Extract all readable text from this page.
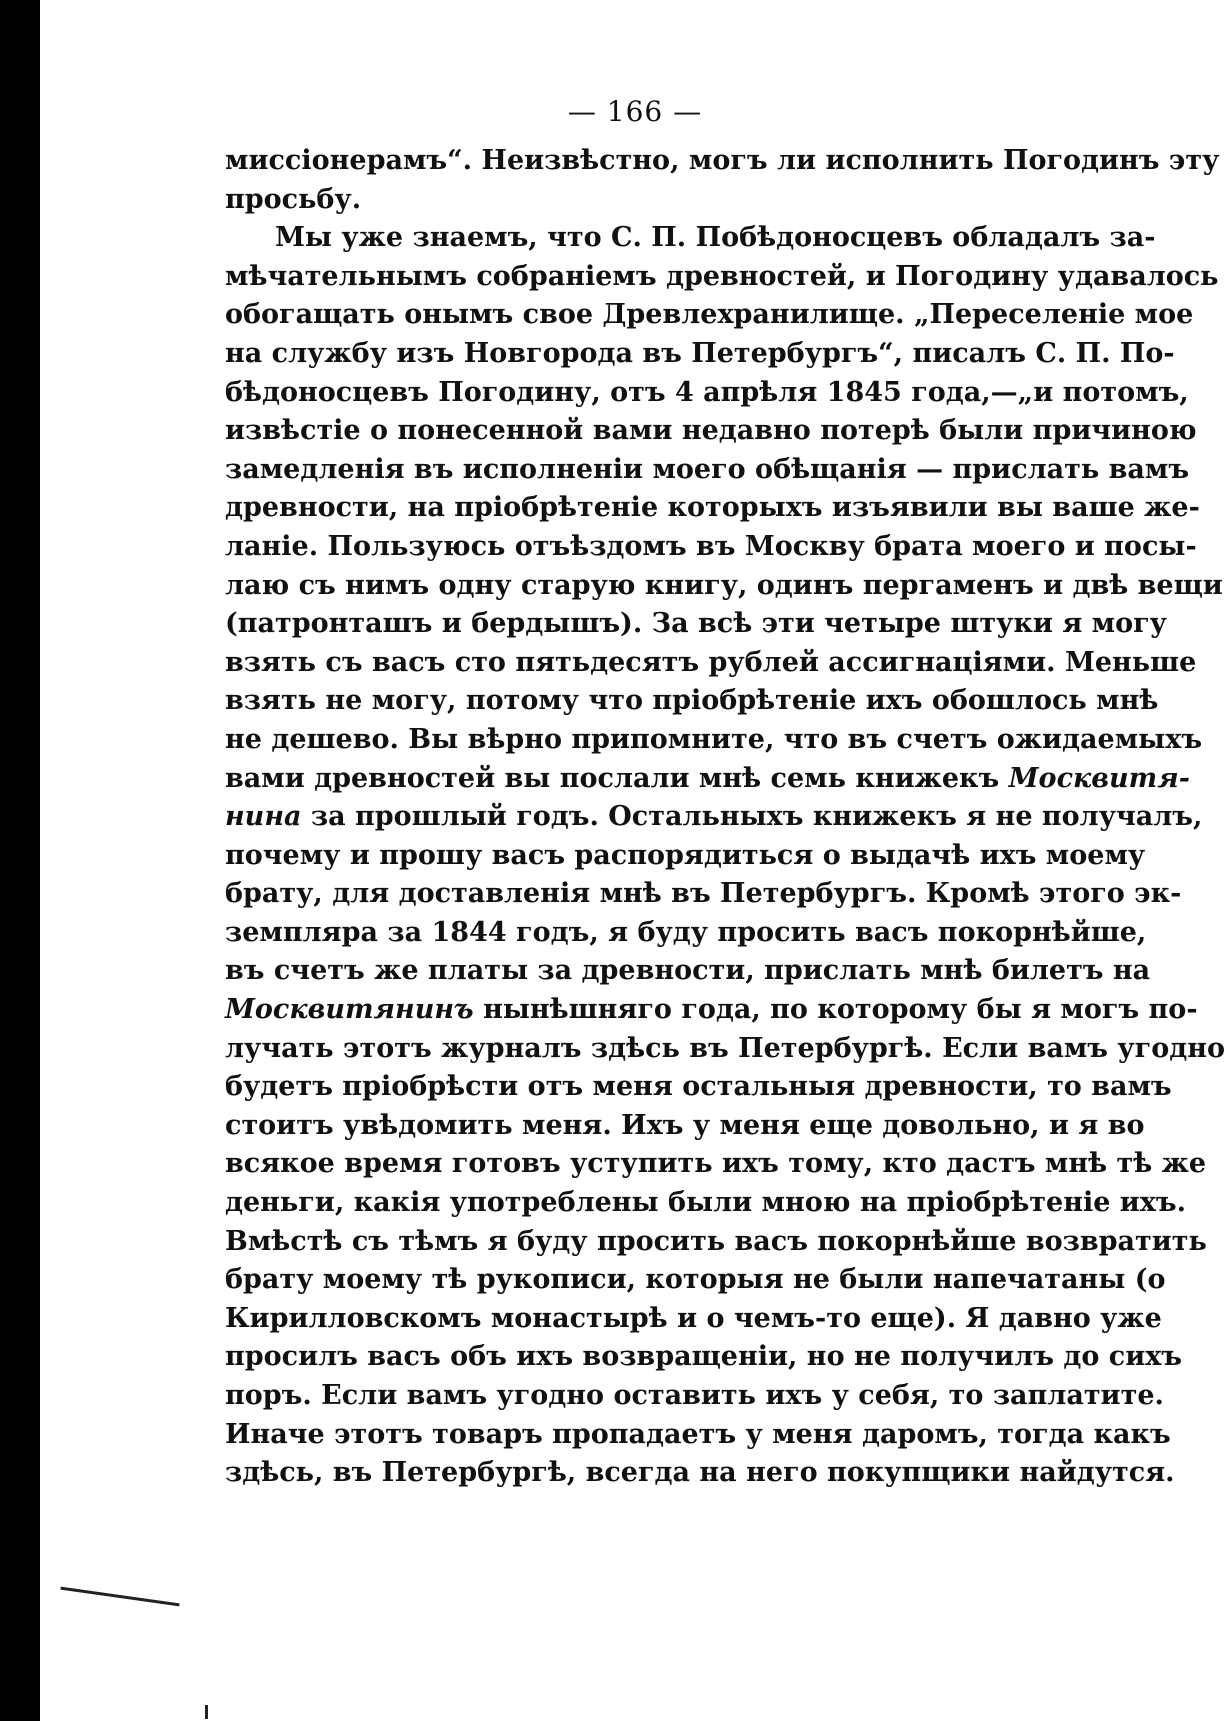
— 166 —
миссіонерамъ“. Неизвѣстно, могъ ли исполнить Погодинъ эту
просьбу.
Мы уже знаемъ, что С. П. Побѣдоносцевъ обладалъ за-
мѣчательнымъ собраніемъ древностей, и Погодину удавалось
обогащать онымъ свое Древлехранилище. „Переселеніе мое
на службу изъ Новгорода въ Петербургъ“, писалъ С. П. По-
бѣдоносцевъ Погодину, отъ 4 апрѣля 1845 года,—„и потомъ,
извѣстіе о понесенной вами недавно потерѣ были причиною
замедленія въ исполненіи моего обѣщанія — прислать вамъ
древности, на пріобрѣтеніе которыхъ изъявили вы ваше же-
ланіе. Пользуюсь отъѣздомъ въ Москву брата моего и посы-
лаю съ нимъ одну старую книгу, одинъ пергаменъ и двѣ вещи
(патронташъ и бердышъ). За всѣ эти четыре штуки я могу
взять съ васъ сто пятьдесятъ рублей ассигнаціями. Меньше
взять не могу, потому что пріобрѣтеніе ихъ обошлось мнѣ
не дешево. Вы вѣрно припомните, что въ счетъ ожидаемыхъ
вами древностей вы послали мнѣ семь книжекъ Москвитя-
нина за прошлый годъ. Остальныхъ книжекъ я не получалъ,
почему и прошу васъ распорядиться о выдачѣ ихъ моему
брату, для доставленія мнѣ въ Петербургъ. Кромѣ этого эк-
земпляра за 1844 годъ, я буду просить васъ покорнѣйше,
въ счетъ же платы за древности, прислать мнѣ билетъ на
Москвитянинъ нынѣшняго года, по которому бы я могъ по-
лучать этотъ журналъ здѣсь въ Петербургѣ. Если вамъ угодно
будетъ пріобрѣсти отъ меня остальныя древности, то вамъ
стоитъ увѣдомить меня. Ихъ у меня еще довольно, и я во
всякое время готовъ уступить ихъ тому, кто дастъ мнѣ тѣ же
деньги, какія употреблены были мною на пріобрѣтеніе ихъ.
Вмѣстѣ съ тѣмъ я буду просить васъ покорнѣйше возвратить
брату моему тѣ рукописи, которыя не были напечатаны (о
Кирилловскомъ монастырѣ и о чемъ-то еще). Я давно уже
просилъ васъ объ ихъ возвращеніи, но не получилъ до сихъ
поръ. Если вамъ угодно оставить ихъ у себя, то заплатите.
Иначе этотъ товаръ пропадаетъ у меня даромъ, тогда какъ
здѣсь, въ Петербургѣ, всегда на него покупщики найдутся.
